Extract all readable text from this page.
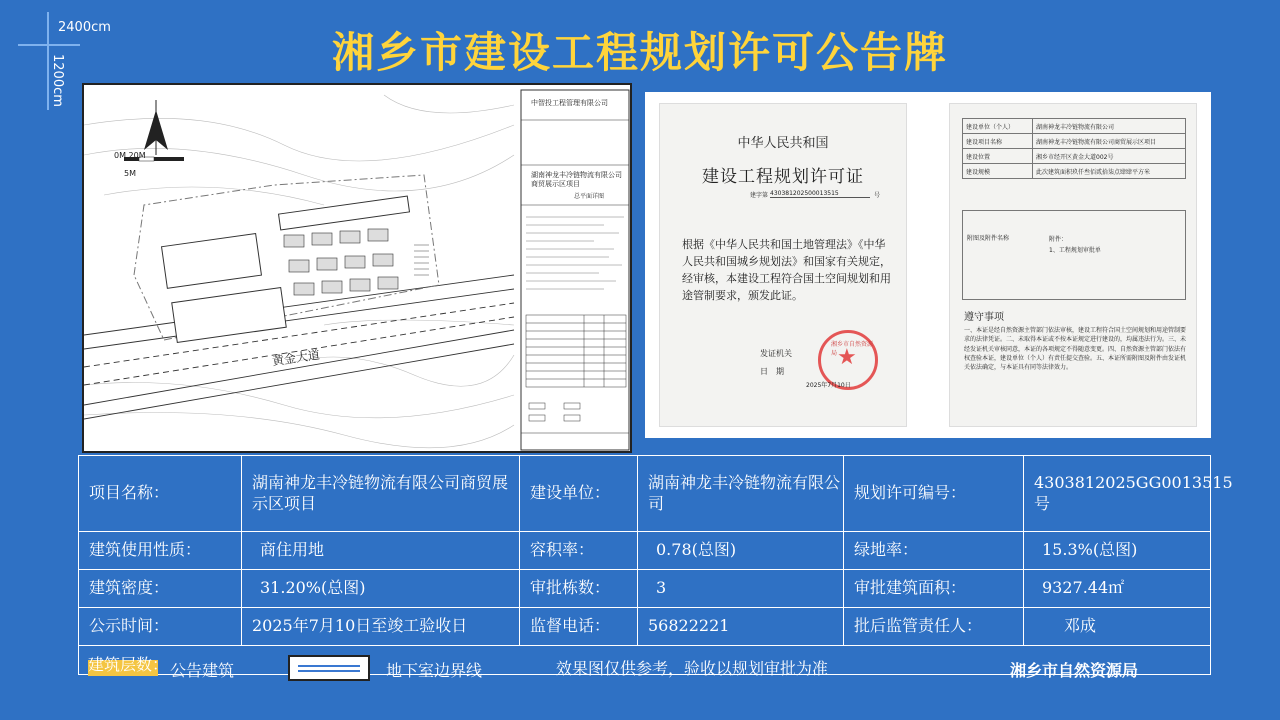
2400cm
1200cm
湘乡市建设工程规划许可公告牌
0M 20M
5M
中智投工程管理有限公司
湖南神龙丰冷链物流有限公司商贸展示区项目
总平面详图
黄金大道
中华人民共和国
建设工程规划许可证
建字第 430381202500013515	号
根据《中华人民共和国土地管理法》《中华人民共和国城乡规划法》和国家有关规定，经审核，本建设工程符合国土空间规划和用途管制要求，颁发此证。
发证机关
日　期
湘乡市自然资源局 ★
2025年7月10日
建设单位（个人）	湖南神龙丰冷链物流有限公司
建设项目名称	湖南神龙丰冷链物流有限公司商贸展示区项目
建设位置	湘乡市经开区黄金大道002号
建设规模	此次建筑面积玖仟叁佰贰拾柒点肆肆平方米
附图及附件名称	附件：
1、工程规划审批单
遵守事项
一、本证是经自然资源主管部门依法审核，建设工程符合国土空间规划和用途管制要求的法律凭证。二、未取得本证或不按本证规定进行建设的，均属违法行为。三、未经发证机关审核同意，本证的各项规定不得随意变更。四、自然资源主管部门依法有权查验本证，建设单位（个人）有责任提交查验。五、本证所需附图及附件由发证机关依法确定，与本证具有同等法律效力。
项目名称：
湖南神龙丰冷链物流有限公司商贸展示区项目
建设单位：
湖南神龙丰冷链物流有限公司
规划许可编号：
4303812025GG0013515号
建筑使用性质：	商住用地	容积率：	0.78(总图)	绿地率：	15.3%(总图)
建筑密度：	31.20%(总图)	审批栋数：	3	审批建筑面积：	9327.44㎡
公示时间：	2025年7月10日至竣工验收日	监督电话：	56822221	批后监管责任人：	邓成
建筑层数： 公告建筑	地下室边界线	效果图仅供参考，验收以规划审批为准	湘乡市自然资源局
